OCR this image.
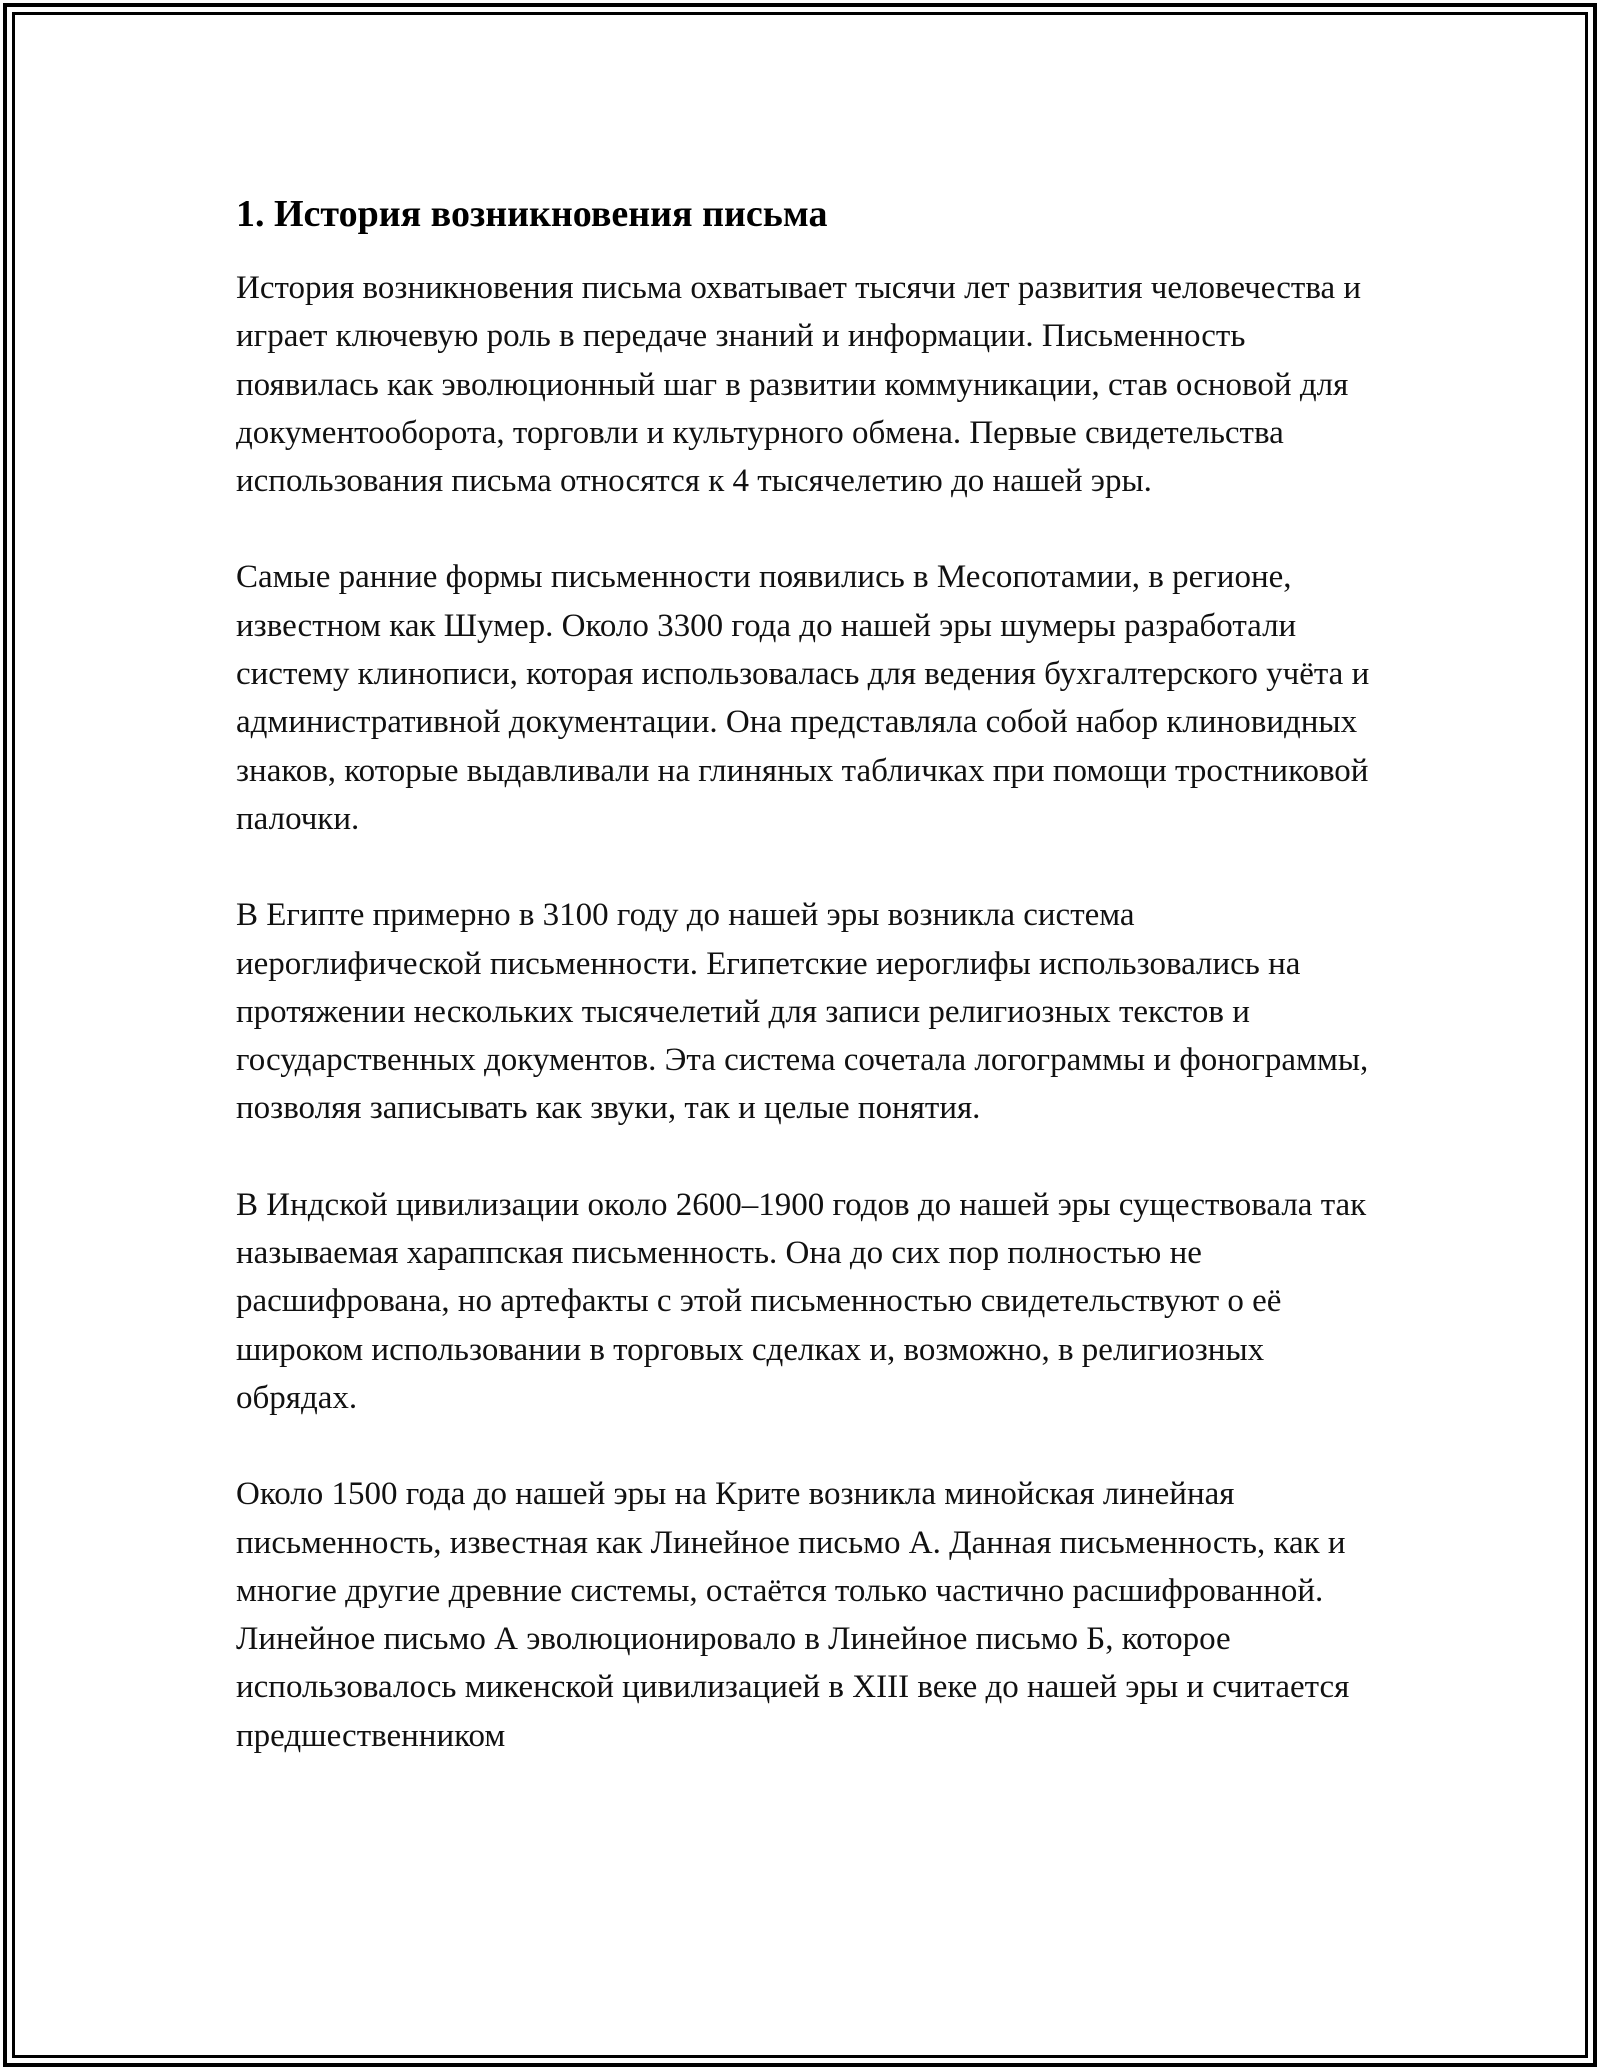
1. История возникновения письма

История возникновения письма охватывает тысячи лет развития человечества и играет ключевую роль в передаче знаний и информации. Письменность появилась как эволюционный шаг в развитии коммуникации, став основой для документооборота, торговли и культурного обмена. Первые свидетельства использования письма относятся к 4 тысячелетию до нашей эры.

Самые ранние формы письменности появились в Месопотамии, в регионе, известном как Шумер. Около 3300 года до нашей эры шумеры разработали систему клинописи, которая использовалась для ведения бухгалтерского учёта и административной документации. Она представляла собой набор клиновидных знаков, которые выдавливали на глиняных табличках при помощи тростниковой палочки.

В Египте примерно в 3100 году до нашей эры возникла система иероглифической письменности. Египетские иероглифы использовались на протяжении нескольких тысячелетий для записи религиозных текстов и государственных документов. Эта система сочетала логограммы и фонограммы, позволяя записывать как звуки, так и целые понятия.

В Индской цивилизации около 2600–1900 годов до нашей эры существовала так называемая хараппская письменность. Она до сих пор полностью не расшифрована, но артефакты с этой письменностью свидетельствуют о её широком использовании в торговых сделках и, возможно, в религиозных обрядах.

Около 1500 года до нашей эры на Крите возникла минойская линейная письменность, известная как Линейное письмо А. Данная письменность, как и многие другие древние системы, остаётся только частично расшифрованной. Линейное письмо А эволюционировало в Линейное письмо Б, которое использовалось микенской цивилизацией в XIII веке до нашей эры и считается предшественником
